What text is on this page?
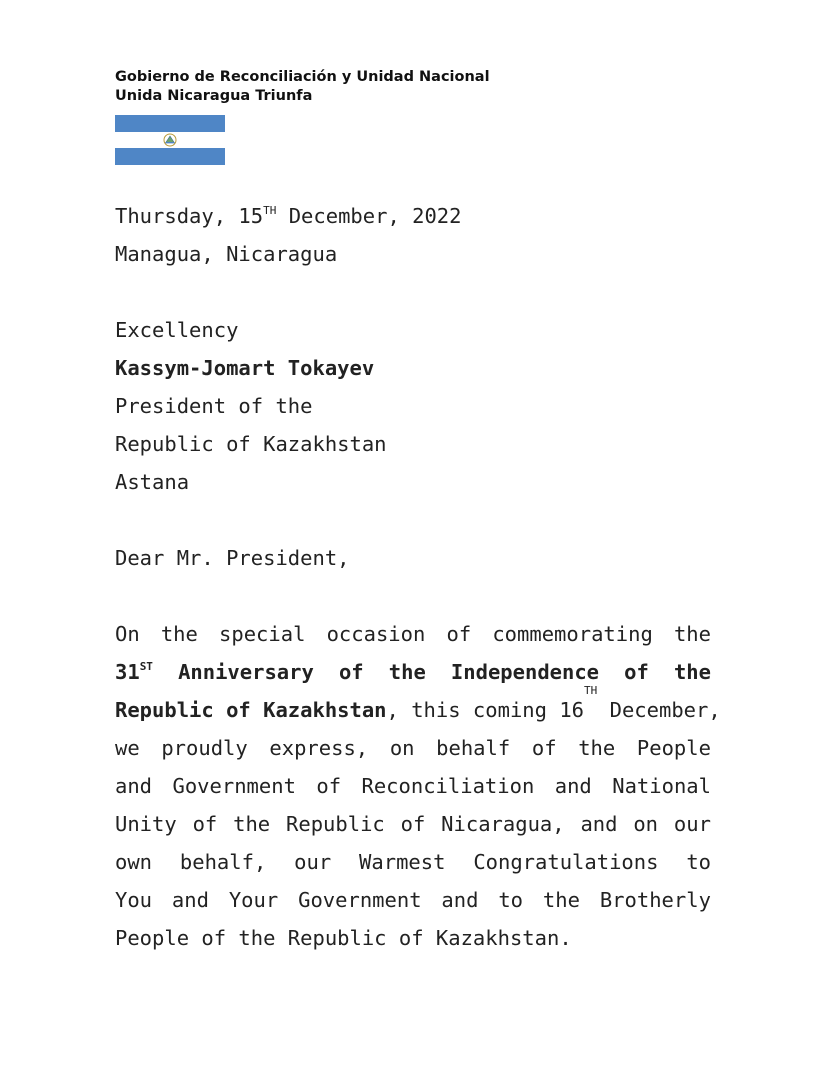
Gobierno de Reconciliación y Unidad Nacional
Unida Nicaragua Triunfa
Thursday, 15TH December, 2022
Managua, Nicaragua
Excellency
Kassym-Jomart Tokayev
President of the
Republic of Kazakhstan
Astana
Dear Mr. President,
On the special occasion of commemorating the
31ST Anniversary of the Independence of the
Republic of Kazakhstan , this coming 16
TH
December,
we proudly express, on behalf of the People
and Government of Reconciliation and National
Unity of the Republic of Nicaragua, and on our
own behalf, our Warmest Congratulations to
You and Your Government and to the Brotherly
People of the Republic of Kazakhstan.
